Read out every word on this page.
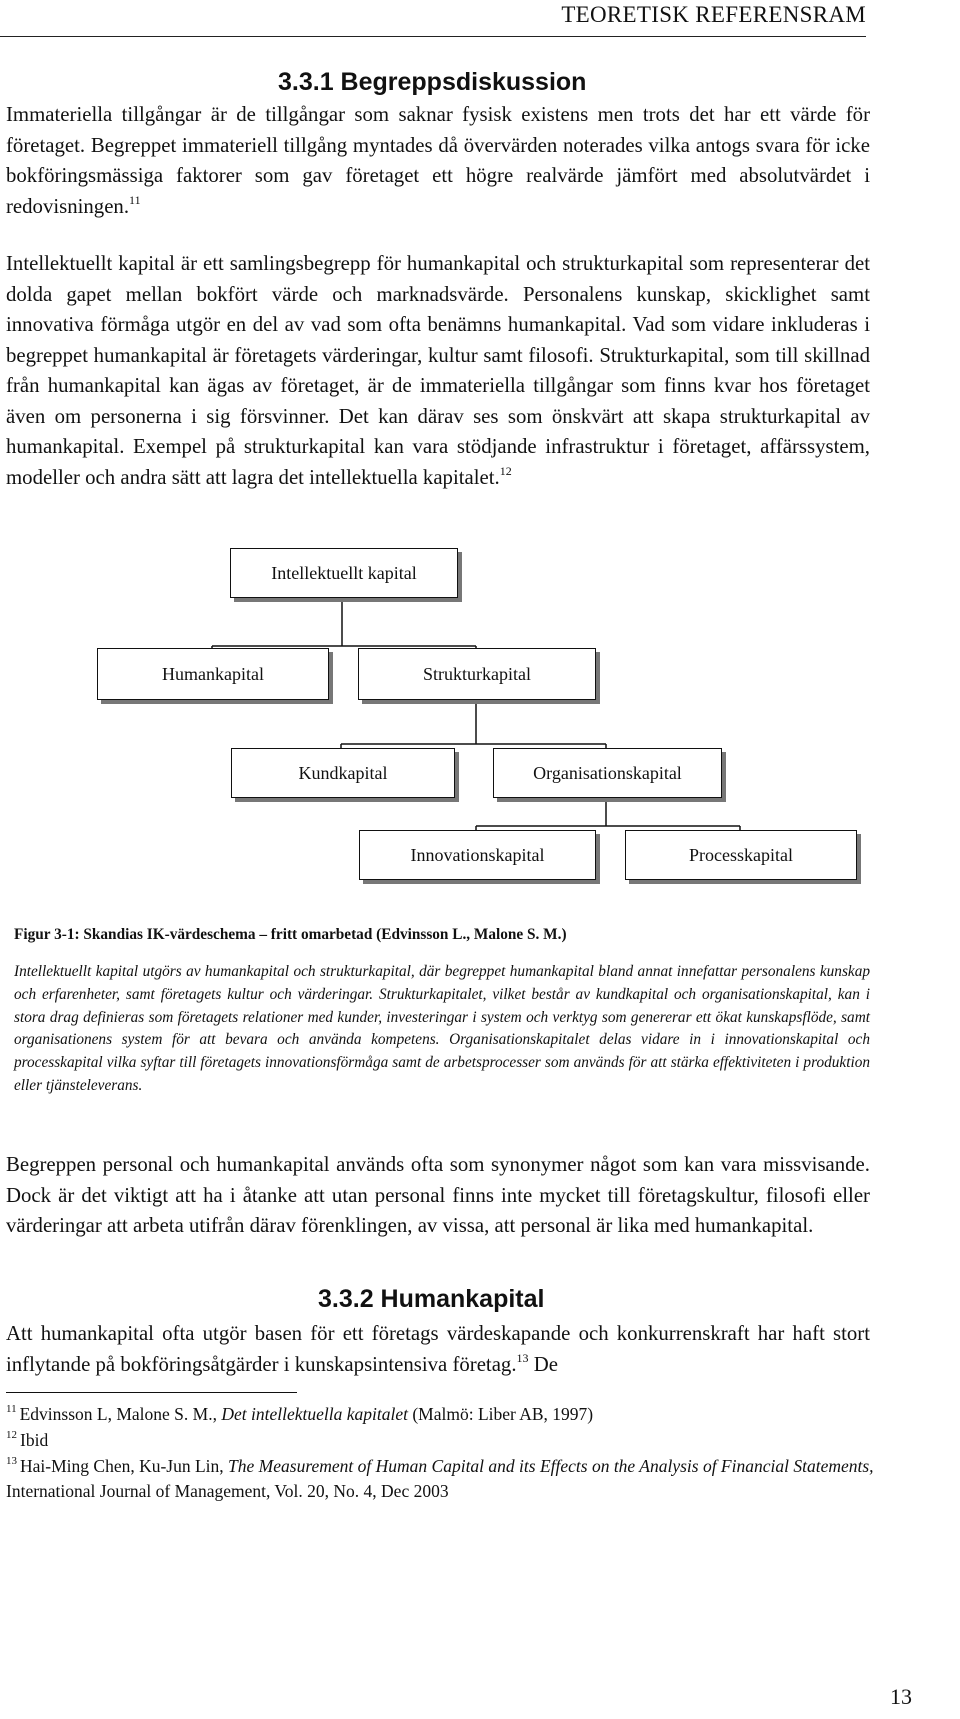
TEORETISK REFERENSRAM
3.3.1 Begreppsdiskussion

Immateriella tillgångar är de tillgångar som saknar fysisk existens men trots det har ett värde för företaget. Begreppet immateriell tillgång myntades då övervärden noterades vilka antogs svara för icke bokföringsmässiga faktorer som gav företaget ett högre realvärde jämfört med absolutvärdet i redovisningen.$^{11}$

Intellektuellt kapital är ett samlingsbegrepp för humankapital och strukturkapital som representerar det dolda gapet mellan bokfört värde och marknadsvärde. Personalens kunskap, skicklighet samt innovativa förmåga utgör en del av vad som ofta benämns humankapital. Vad som vidare inkluderas i begreppet humankapital är företagets värderingar, kultur samt filosofi. Strukturkapital, som till skillnad från humankapital kan ägas av företaget, är de immateriella tillgångar som finns kvar hos företaget även om personerna i sig försvinner. Det kan därav ses som önskvärt att skapa strukturkapital av humankapital. Exempel på strukturkapital kan vara stödjande infrastruktur i företaget, affärssystem, modeller och andra sätt att lagra det intellektuella kapitalet.$^{12}$

Intellektuellt kapital
Humankapital	Strukturkapital
Kundkapital	Organisationskapital
Innovationskapital	Processkapital
Figur 3-1: Skandias IK-värdeschema – fritt omarbetad (Edvinsson L., Malone S. M.)

Intellektuellt kapital utgörs av humankapital och strukturkapital, där begreppet humankapital bland annat innefattar personalens kunskap och erfarenheter, samt företagets kultur och värderingar. Strukturkapitalet, vilket består av kundkapital och organisationskapital, kan i stora drag definieras som företagets relationer med kunder, investeringar i system och verktyg som genererar ett ökat kunskapsflöde, samt organisationens system för att bevara och använda kompetens. Organisationskapitalet delas vidare in i innovationskapital och processkapital vilka syftar till företagets innovationsförmåga samt de arbetsprocesser som används för att stärka effektiviteten i produktion eller tjänsteleverans.

Begreppen personal och humankapital används ofta som synonymer något som kan vara missvisande. Dock är det viktigt att ha i åtanke att utan personal finns inte mycket till företagskultur, filosofi eller värderingar att arbeta utifrån därav förenklingen, av vissa, att personal är lika med humankapital.

3.3.2 Humankapital

Att humankapital ofta utgör basen för ett företags värdeskapande och konkurrenskraft har haft stort inflytande på bokföringsåtgärder i kunskapsintensiva företag.$^{13}$ De

$^{11}$ Edvinsson L, Malone S. M., Det intellektuella kapitalet (Malmö: Liber AB, 1997)
$^{12}$ Ibid
$^{13}$ Hai-Ming Chen, Ku-Jun Lin, The Measurement of Human Capital and its Effects on the Analysis of Financial Statements, International Journal of Management, Vol. 20, No. 4, Dec 2003
13
